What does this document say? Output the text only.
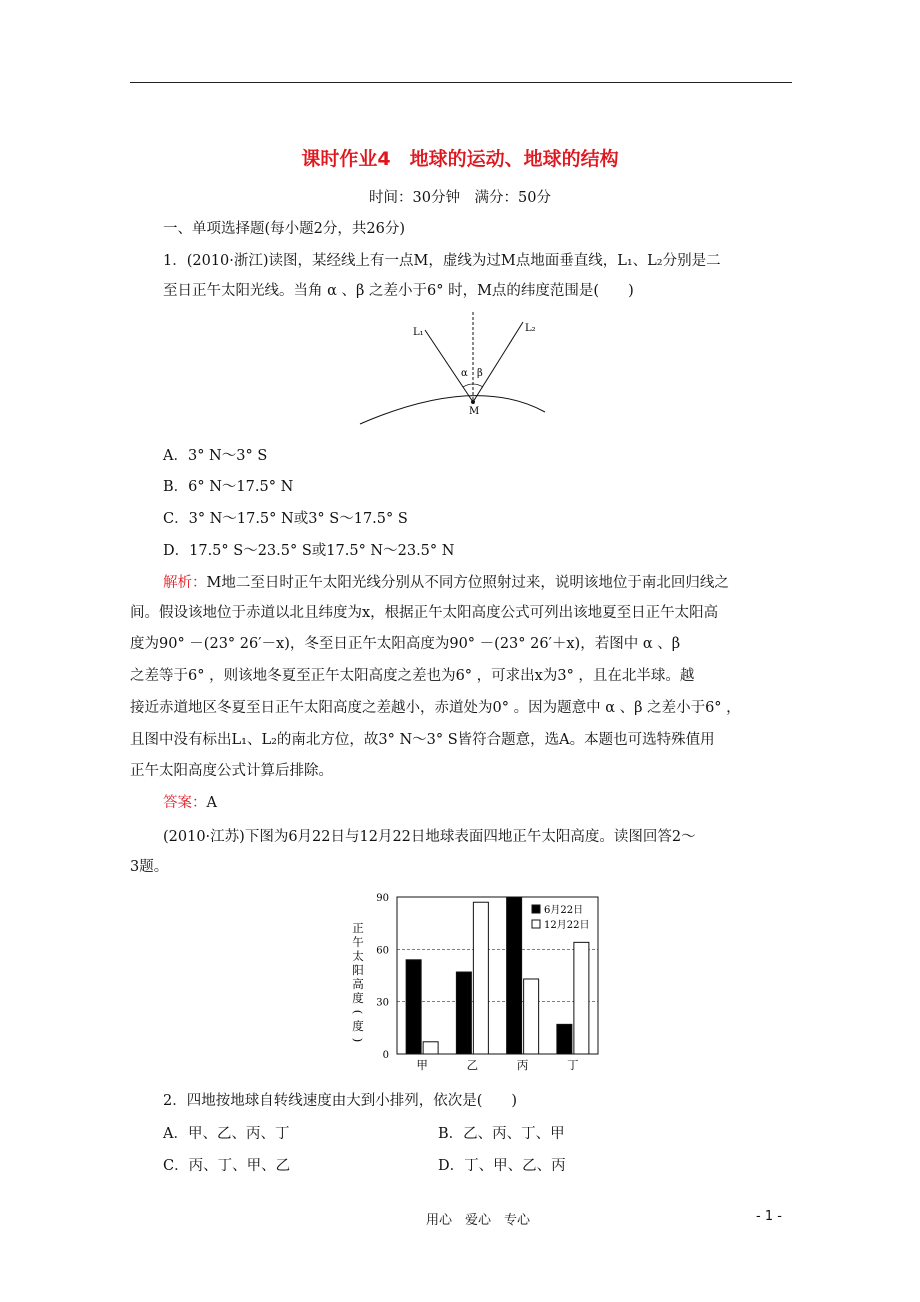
课时作业4　地球的运动、地球的结构
时间：30分钟　满分：50分
一、单项选择题(每小题2分，共26分)
1．(2010·浙江)读图，某经线上有一点M，虚线为过M点地面垂直线，L₁、L₂分别是二
至日正午太阳光线。当角 α 、β 之差小于6° 时，M点的纬度范围是(　　)
L₁	L₂
α β
M
A．3° N～3° S
B．6° N～17.5° N
C．3° N～17.5° N或3° S～17.5° S
D．17.5° S～23.5° S或17.5° N～23.5° N
解析：M地二至日时正午太阳光线分别从不同方位照射过来，说明该地位于南北回归线之
间。假设该地位于赤道以北且纬度为x，根据正午太阳高度公式可列出该地夏至日正午太阳高
度为90° －(23° 26′－x)，冬至日正午太阳高度为90° －(23° 26′＋x)，若图中 α 、β
之差等于6° ，则该地冬夏至正午太阳高度之差也为6° ，可求出x为3° ，且在北半球。越
接近赤道地区冬夏至日正午太阳高度之差越小，赤道处为0° 。因为题意中 α 、β 之差小于6° ，
且图中没有标出L₁、L₂的南北方位，故3° N～3° S皆符合题意，选A。本题也可选特殊值用
正午太阳高度公式计算后排除。
答案：A
(2010·江苏)下图为6月22日与12月22日地球表面四地正午太阳高度。读图回答2～
3题。
0
30
60
90
正
午
太
阳
高
度
(
度
)
甲	乙	丙	丁
6月22日
12月22日
2．四地按地球自转线速度由大到小排列，依次是(　　)
A．甲、乙、丙、丁	B．乙、丙、丁、甲
C．丙、丁、甲、乙	D．丁、甲、乙、丙
用心　爱心　专心	- 1 -
